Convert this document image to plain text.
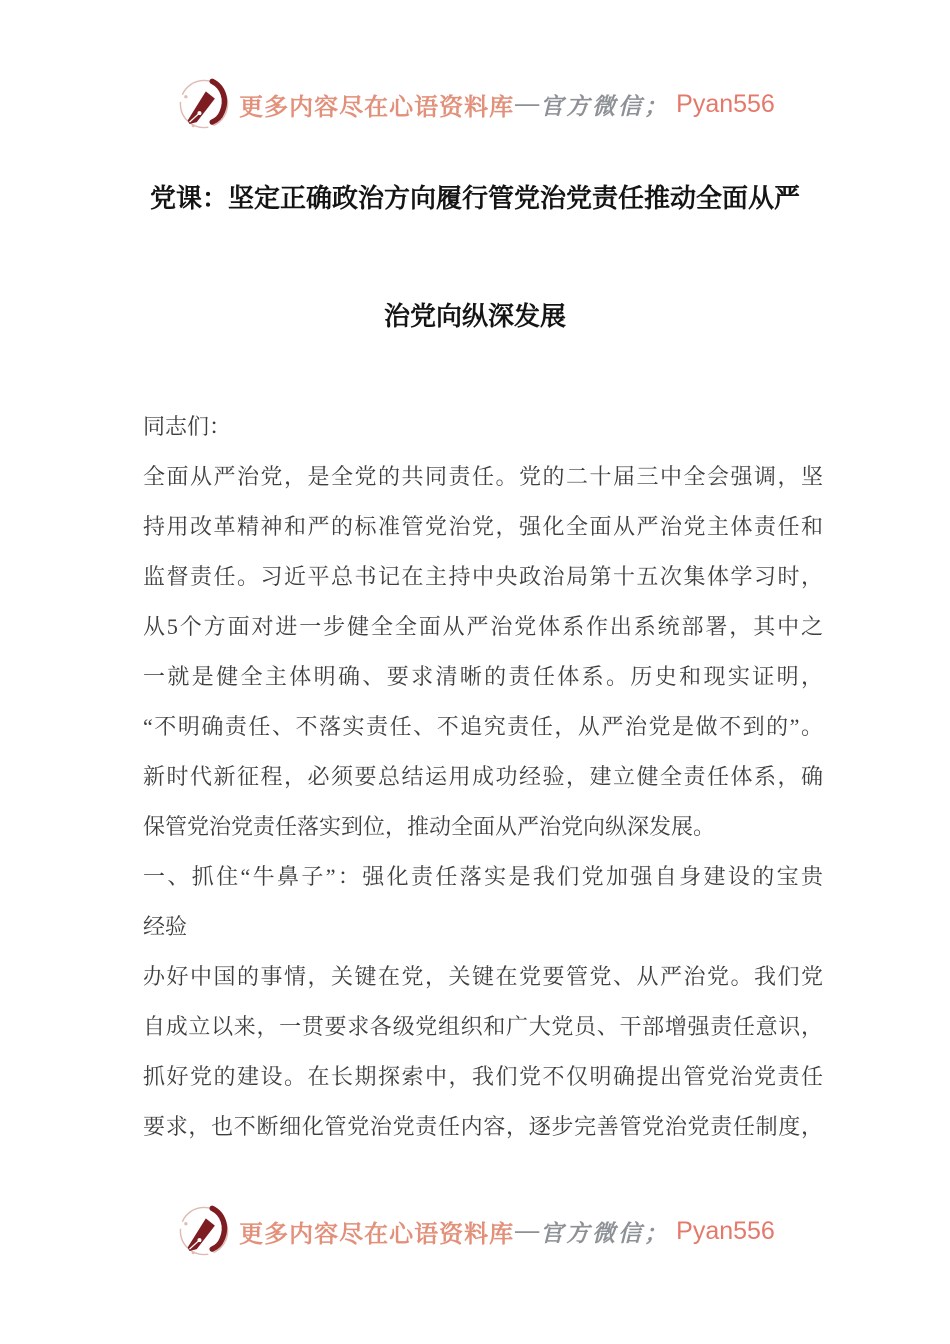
更多内容尽在心语资料库 — 官方微信； Pyan556
党课：坚定正确政治方向履行管党治党责任推动全面从严
治党向纵深发展
同志们：
全面从严治党，是全党的共同责任。党的二十届三中全会强调，坚
持用改革精神和严的标准管党治党，强化全面从严治党主体责任和
监督责任。习近平总书记在主持中央政治局第十五次集体学习时，
从5个方面对进一步健全全面从严治党体系作出系统部署，其中之
一就是健全主体明确、要求清晰的责任体系。历史和现实证明，
“不明确责任、不落实责任、不追究责任，从严治党是做不到的”。
新时代新征程，必须要总结运用成功经验，建立健全责任体系，确
保管党治党责任落实到位，推动全面从严治党向纵深发展。
一、抓住“牛鼻子”：强化责任落实是我们党加强自身建设的宝贵
经验
办好中国的事情，关键在党，关键在党要管党、从严治党。我们党
自成立以来，一贯要求各级党组织和广大党员、干部增强责任意识，
抓好党的建设。在长期探索中，我们党不仅明确提出管党治党责任
要求，也不断细化管党治党责任内容，逐步完善管党治党责任制度，
更多内容尽在心语资料库 — 官方微信； Pyan556
